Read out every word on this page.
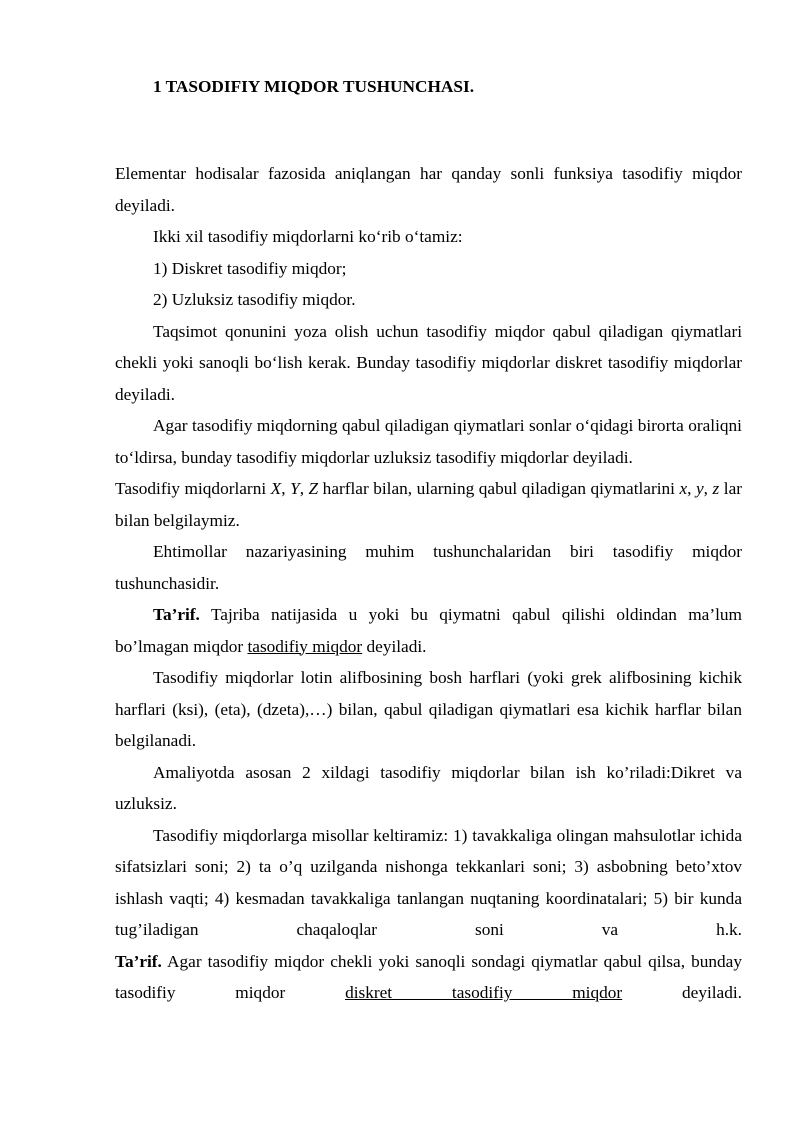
1 TASODIFIY MIQDOR TUSHUNCHASI.

Elementar hodisalar fazosida aniqlangan har qanday sonli funksiya tasodifiy miqdor deyiladi.

Ikki xil tasodifiy miqdorlarni ko‘rib o‘tamiz:

1) Diskret tasodifiy miqdor;

2) Uzluksiz tasodifiy miqdor.

Taqsimot qonunini yoza olish uchun tasodifiy miqdor qabul qiladigan qiymatlari chekli yoki sanoqli bo‘lish kerak. Bunday tasodifiy miqdorlar diskret tasodifiy miqdorlar deyiladi.

Agar tasodifiy miqdorning qabul qiladigan qiymatlari sonlar o‘qidagi birorta oraliqni to‘ldirsa, bunday tasodifiy miqdorlar uzluksiz tasodifiy miqdorlar deyiladi.

Tasodifiy miqdorlarni X, Y, Z harflar bilan, ularning qabul qiladigan qiymatlarini x, y, z lar bilan belgilaymiz.

Ehtimollar nazariyasining muhim tushunchalaridan biri tasodifiy miqdor tushunchasidir.

Ta’rif. Tajriba natijasida u yoki bu qiymatni qabul qilishi oldindan ma’lum bo’lmagan miqdor tasodifiy miqdor deyiladi.

Tasodifiy miqdorlar lotin alifbosining bosh harflari (yoki grek alifbosining kichik harflari (ksi), (eta), (dzeta),…) bilan, qabul qiladigan qiymatlari esa kichik harflar bilan belgilanadi.

Amaliyotda asosan 2 xildagi tasodifiy miqdorlar bilan ish ko’riladi:Dikret va uzluksiz.

Tasodifiy miqdorlarga misollar keltiramiz: 1) tavakkaliga olingan mahsulotlar ichida sifatsizlari soni; 2) ta o’q uzilganda nishonga tekkanlari soni; 3) asbobning beto’xtov ishlash vaqti; 4) kesmadan tavakkaliga tanlangan nuqtaning koordinatalari; 5) bir kunda tug’iladigan chaqaloqlar soni va h.k.

Ta’rif. Agar tasodifiy miqdor chekli yoki sanoqli sondagi qiymatlar qabul qilsa, bunday tasodifiy miqdor diskret tasodifiy miqdor deyiladi.
